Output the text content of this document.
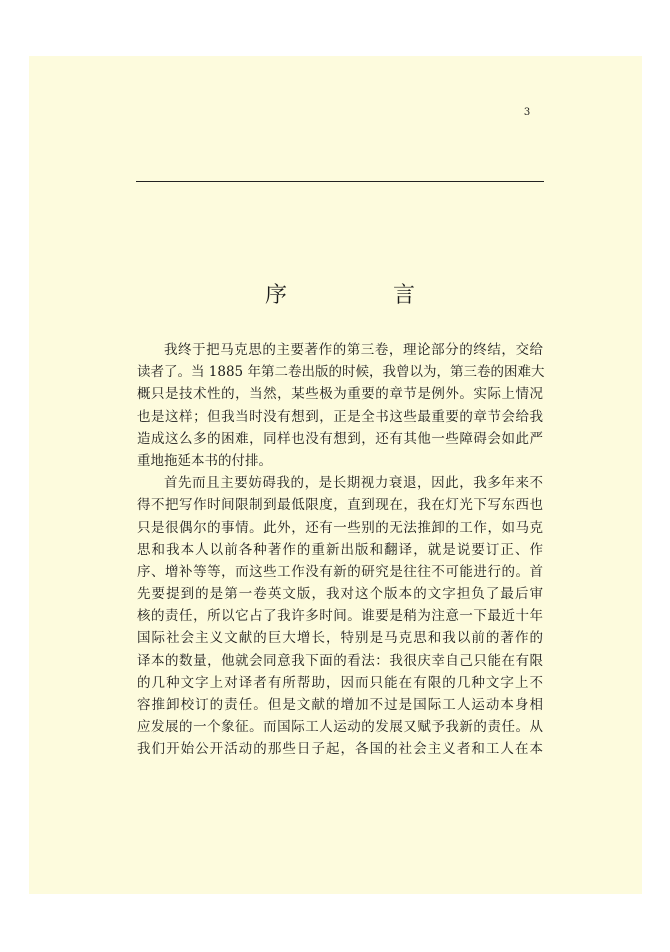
3
序　言
我终于把马克思的主要著作的第三卷，理论部分的终结，交给
读者了。当 1885 年第二卷出版的时候，我曾以为，第三卷的困难大
概只是技术性的，当然，某些极为重要的章节是例外。实际上情况
也是这样；但我当时没有想到，正是全书这些最重要的章节会给我
造成这么多的困难，同样也没有想到，还有其他一些障碍会如此严
重地拖延本书的付排。
首先而且主要妨碍我的，是长期视力衰退，因此，我多年来不
得不把写作时间限制到最低限度，直到现在，我在灯光下写东西也
只是很偶尔的事情。此外，还有一些别的无法推卸的工作，如马克
思和我本人以前各种著作的重新出版和翻译，就是说要订正、作
序、增补等等，而这些工作没有新的研究是往往不可能进行的。首
先要提到的是第一卷英文版，我对这个版本的文字担负了最后审
核的责任，所以它占了我许多时间。谁要是稍为注意一下最近十年
国际社会主义文献的巨大增长，特别是马克思和我以前的著作的
译本的数量，他就会同意我下面的看法：我很庆幸自己只能在有限
的几种文字上对译者有所帮助，因而只能在有限的几种文字上不
容推卸校订的责任。但是文献的增加不过是国际工人运动本身相
应发展的一个象征。而国际工人运动的发展又赋予我新的责任。从
我们开始公开活动的那些日子起，各国的社会主义者和工人在本
